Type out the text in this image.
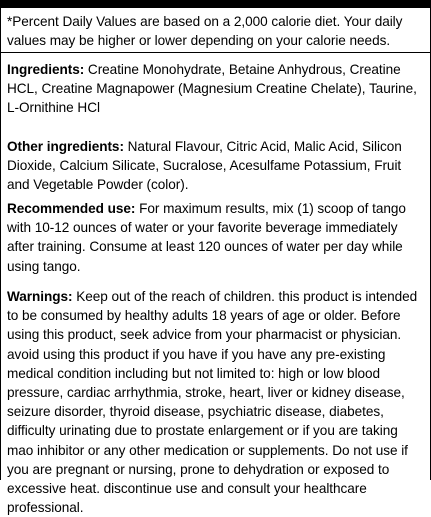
*Percent Daily Values are based on a 2,000 calorie diet. Your daily values may be higher or lower depending on your calorie needs.
Ingredients: Creatine Monohydrate, Betaine Anhydrous, Creatine HCL, Creatine Magnapower (Magnesium Creatine Chelate), Taurine, L-Ornithine HCl
Other ingredients: Natural Flavour, Citric Acid, Malic Acid, Silicon Dioxide, Calcium Silicate, Sucralose, Acesulfame Potassium, Fruit and Vegetable Powder (color).
Recommended use: For maximum results, mix (1) scoop of tango with 10-12 ounces of water or your favorite beverage immediately after training. Consume at least 120 ounces of water per day while using tango.
Warnings: Keep out of the reach of children. this product is intended to be consumed by healthy adults 18 years of age or older. Before using this product, seek advice from your pharmacist or physician. avoid using this product if you have if you have any pre-existing medical condition including but not limited to: high or low blood pressure, cardiac arrhythmia, stroke, heart, liver or kidney disease, seizure disorder, thyroid disease, psychiatric disease, diabetes, difficulty urinating due to prostate enlargement or if you are taking mao inhibitor or any other medication or supplements. Do not use if you are pregnant or nursing, prone to dehydration or exposed to excessive heat. discontinue use and consult your healthcare professional.
